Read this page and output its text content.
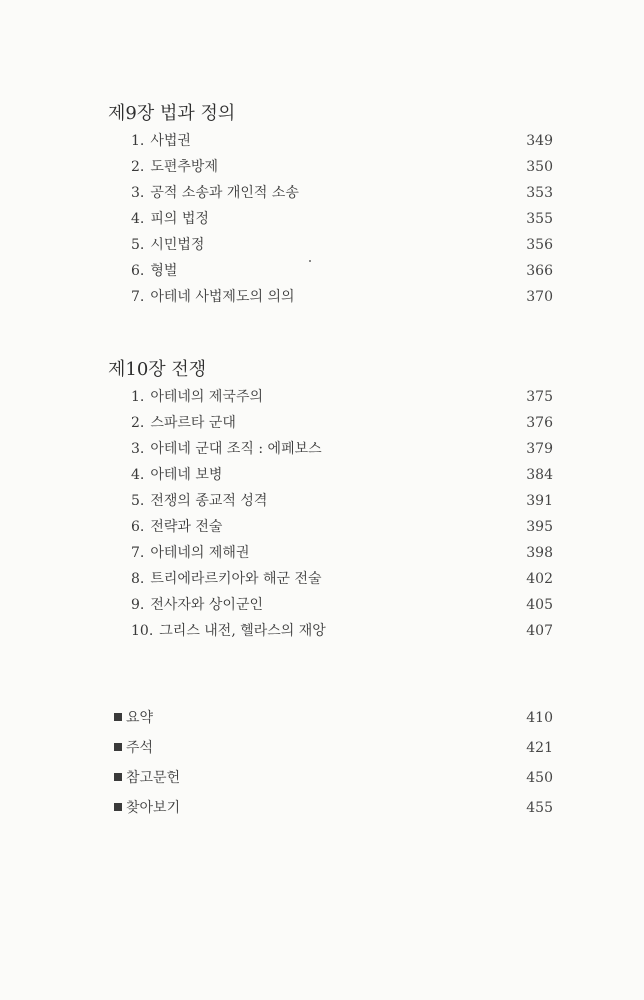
제9장 법과 정의
1. 사법권	349
2. 도편추방제	350
3. 공적 소송과 개인적 소송	353
4. 피의 법정	355
5. 시민법정	356
6. 형벌	366
7. 아테네 사법제도의 의의	370
제10장 전쟁
1. 아테네의 제국주의	375
2. 스파르타 군대	376
3. 아테네 군대 조직 : 에페보스	379
4. 아테네 보병	384
5. 전쟁의 종교적 성격	391
6. 전략과 전술	395
7. 아테네의 제해권	398
8. 트리에라르키아와 해군 전술	402
9. 전사자와 상이군인	405
10. 그리스 내전, 헬라스의 재앙	407
요약	410
주석	421
참고문헌	450
찾아보기	455
